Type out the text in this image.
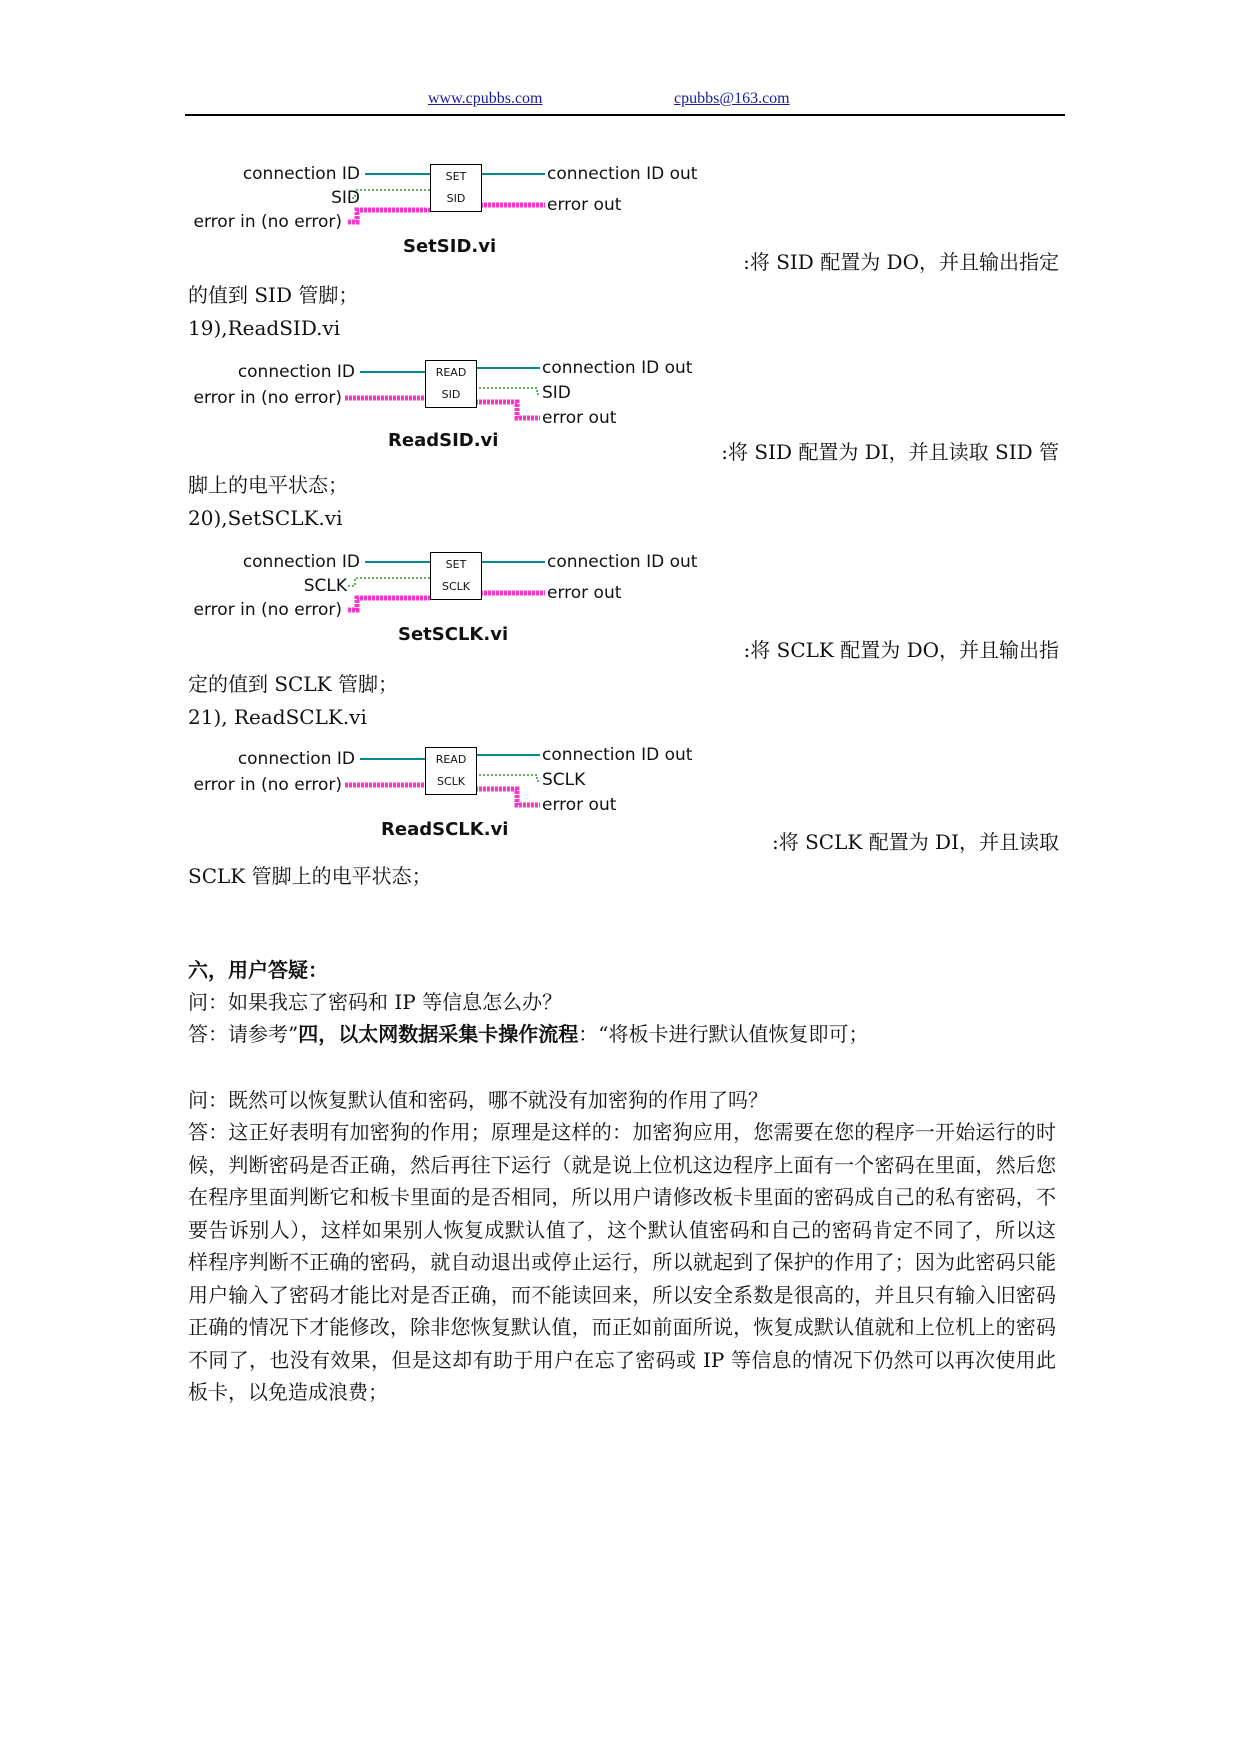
www.cpubbs.com	cpubbs@163.com
connection ID
SID
error in (no error)
SET
SID
connection ID out
error out
SetSID.vi
:将 SID 配置为 DO，并且输出指定
的值到 SID 管脚；
19),ReadSID.vi
connection ID
error in (no error)
READ
SID
connection ID out
SID
error out
ReadSID.vi	:将 SID 配置为 DI，并且读取 SID 管
脚上的电平状态；
20),SetSCLK.vi
connection ID
SCLK
error in (no error)
SET
SCLK
connection ID out
error out
SetSCLK.vi
:将 SCLK 配置为 DO，并且输出指
定的值到 SCLK 管脚；
21), ReadSCLK.vi
connection ID
error in (no error)
READ
SCLK
connection ID out
SCLK
error out
ReadSCLK.vi
:将 SCLK 配置为 DI，并且读取
SCLK 管脚上的电平状态；
六，用户答疑：
问：如果我忘了密码和 IP 等信息怎么办？
答：请参考”四，以太网数据采集卡操作流程：“将板卡进行默认值恢复即可；
问：既然可以恢复默认值和密码，哪不就没有加密狗的作用了吗？
答：这正好表明有加密狗的作用；原理是这样的：加密狗应用，您需要在您的程序一开始运行的时候，判断密码是否正确，然后再往下运行（就是说上位机这边程序上面有一个密码在里面，然后您在程序里面判断它和板卡里面的是否相同，所以用户请修改板卡里面的密码成自己的私有密码，不要告诉别人），这样如果别人恢复成默认值了，这个默认值密码和自己的密码肯定不同了，所以这样程序判断不正确的密码，就自动退出或停止运行，所以就起到了保护的作用了；因为此密码只能用户输入了密码才能比对是否正确，而不能读回来，所以安全系数是很高的，并且只有输入旧密码正确的情况下才能修改，除非您恢复默认值，而正如前面所说，恢复成默认值就和上位机上的密码不同了，也没有效果，但是这却有助于用户在忘了密码或 IP 等信息的情况下仍然可以再次使用此板卡，以免造成浪费；
